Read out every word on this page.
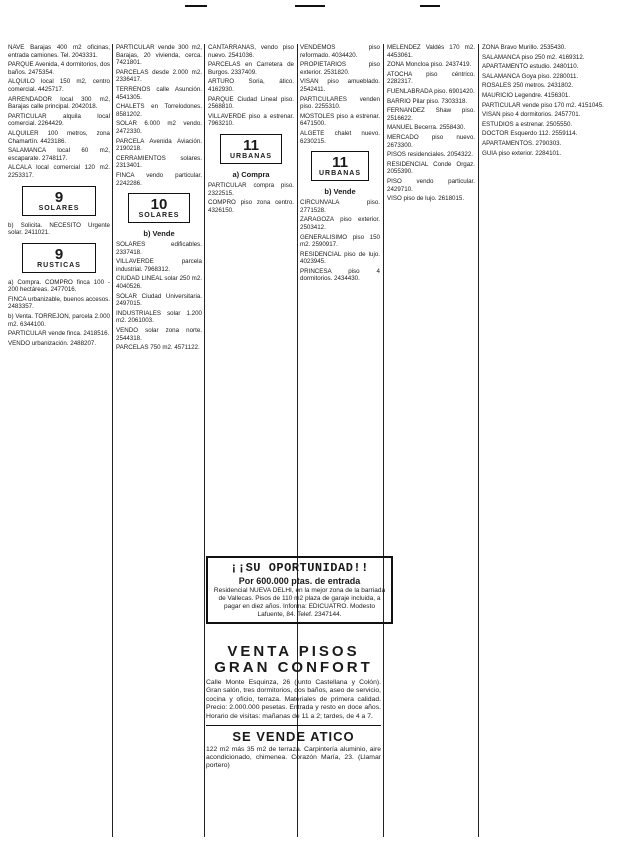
NAVE Barajas 400 m2 oficinas, entrada camiones. Tel. 2043331.

PARQUE Avenida, 4 dormitorios, dos baños. 2475354.

ALQUILO local 150 m2, centro comercial. 4425717.

ARRENDADOR local 300 m2, Barajas calle principal. 2042018.

PARTICULAR alquila local comercial. 2264429.

ALQUILER 100 metros, zona Chamartín. 4423186.

SALAMANCA local 60 m2, escaparate. 2748117.

ALCALA local comercial 120 m2. 2253317.

9
SOLARES

b) Solicita. NECESITO Urgente solar. 2411021.

9
RUSTICAS

a) Compra. COMPRO finca 100 - 200 hectáreas. 2477016.

FINCA urbanizable, buenos accesos. 2483357.

b) Venta. TORREJON, parcela 2.000 m2. 6344100.

PARTICULAR vende finca. 2418516.

VENDO urbanización. 2488207.

PARTICULAR vende 300 m2, Barajas, 20 vivienda, cerca. 7421801.

PARCELAS desde 2.000 m2. 2336417.

TERRENOS calle Asunción. 4541305.

CHALETS en Torrelodones. 8581202.

SOLAR 6.000 m2 vendo. 2472330.

PARCELA Avenida Aviación. 2190218.

CERRAMIENTOS solares. 2313401.

FINCA vendo particular. 2242286.

10
SOLARES
b) Vende

SOLARES edificables. 2337418.

VILLAVERDE parcela industrial. 7968312.

CIUDAD LINEAL solar 250 m2. 4040526.

SOLAR Ciudad Universitaria. 2497015.

INDUSTRIALES solar 1.200 m2. 2061003.

VENDO solar zona norte. 2544318.

PARCELAS 750 m2. 4571122.

CANTARRANAS, vendo piso nuevo. 2541036.

PARCELAS en Carretera de Burgos. 2337409.

ARTURO Soria, ático. 4162930.

PARQUE Ciudad Lineal piso. 2568810.

VILLAVERDE piso a estrenar. 7963210.

11
URBANAS
a) Compra

PARTICULAR compra piso. 2322515.

COMPRO piso zona centro. 4326150.

VENDEMOS piso reformado. 4034420.

PROPIETARIOS piso exterior. 2531820.

VISAN piso amueblado. 2542411.

PARTICULARES venden piso. 2255310.

MOSTOLES piso a estrenar. 6471500.

ALGETE chalet nuevo. 6230215.

11
URBANAS
b) Vende

CIRCUNVALA piso. 2771528.

ZARAGOZA piso exterior. 2503412.

GENERALISIMO piso 150 m2. 2590917.

RESIDENCIAL piso de lujo. 4023945.

PRINCESA piso 4 dormitorios. 2434430.

MELENDEZ Valdés 170 m2. 4453061.

ZONA Moncloa piso. 2437419.

ATOCHA piso céntrico. 2282317.

FUENLABRADA piso. 6901420.

BARRIO Pilar piso. 7303318.

FERNANDEZ Shaw piso. 2516622.

MANUEL Becerra. 2558430.

MERCADO piso nuevo. 2673300.

PISOS residenciales. 2054322.

RESIDENCIAL Conde Orgaz. 2055390.

PISO vendo particular. 2429710.

VISO piso de lujo. 2618015.

ZONA Bravo Murillo. 2535430.

SALAMANCA piso 250 m2. 4169312.

APARTAMENTO estudio. 2480110.

SALAMANCA Goya piso. 2280011.

ROSALES 250 metros. 2431802.

MAURICIO Legendre. 4156301.

PARTICULAR vende piso 170 m2. 4151045.

VISAN piso 4 dormitorios. 2457701.

ESTUDIOS a estrenar. 2505550.

DOCTOR Esquerdo 112. 2559114.

APARTAMENTOS. 2790303.

GUIA piso exterior. 2284101.

¡¡SU OPORTUNIDAD!!
Por 600.000 ptas. de entrada
Residencial NUEVA DELHI, en la mejor zona de la barriada de Vallecas. Pisos de 110 m2 plaza de garaje incluida, a pagar en diez años. Informa: EDICUATRO. Modesto Lafuente, 84. Telef. 2347144.
VENTA PISOS
GRAN CONFORT
Calle Monte Esquinza, 26 (junto Castellana y Colón). Gran salón, tres dormitorios, dos baños, aseo de servicio, cocina y oficio, terraza. Materiales de primera calidad. Precio: 2.000.000 pesetas. Entrada y resto en doce años. Horario de visitas: mañanas de 11 a 2; tardes, de 4 a 7.
SE VENDE ATICO
122 m2 más 35 m2 de terraza. Carpintería aluminio, aire acondicionado, chimenea. Corazón María, 23. (Llamar portero)
